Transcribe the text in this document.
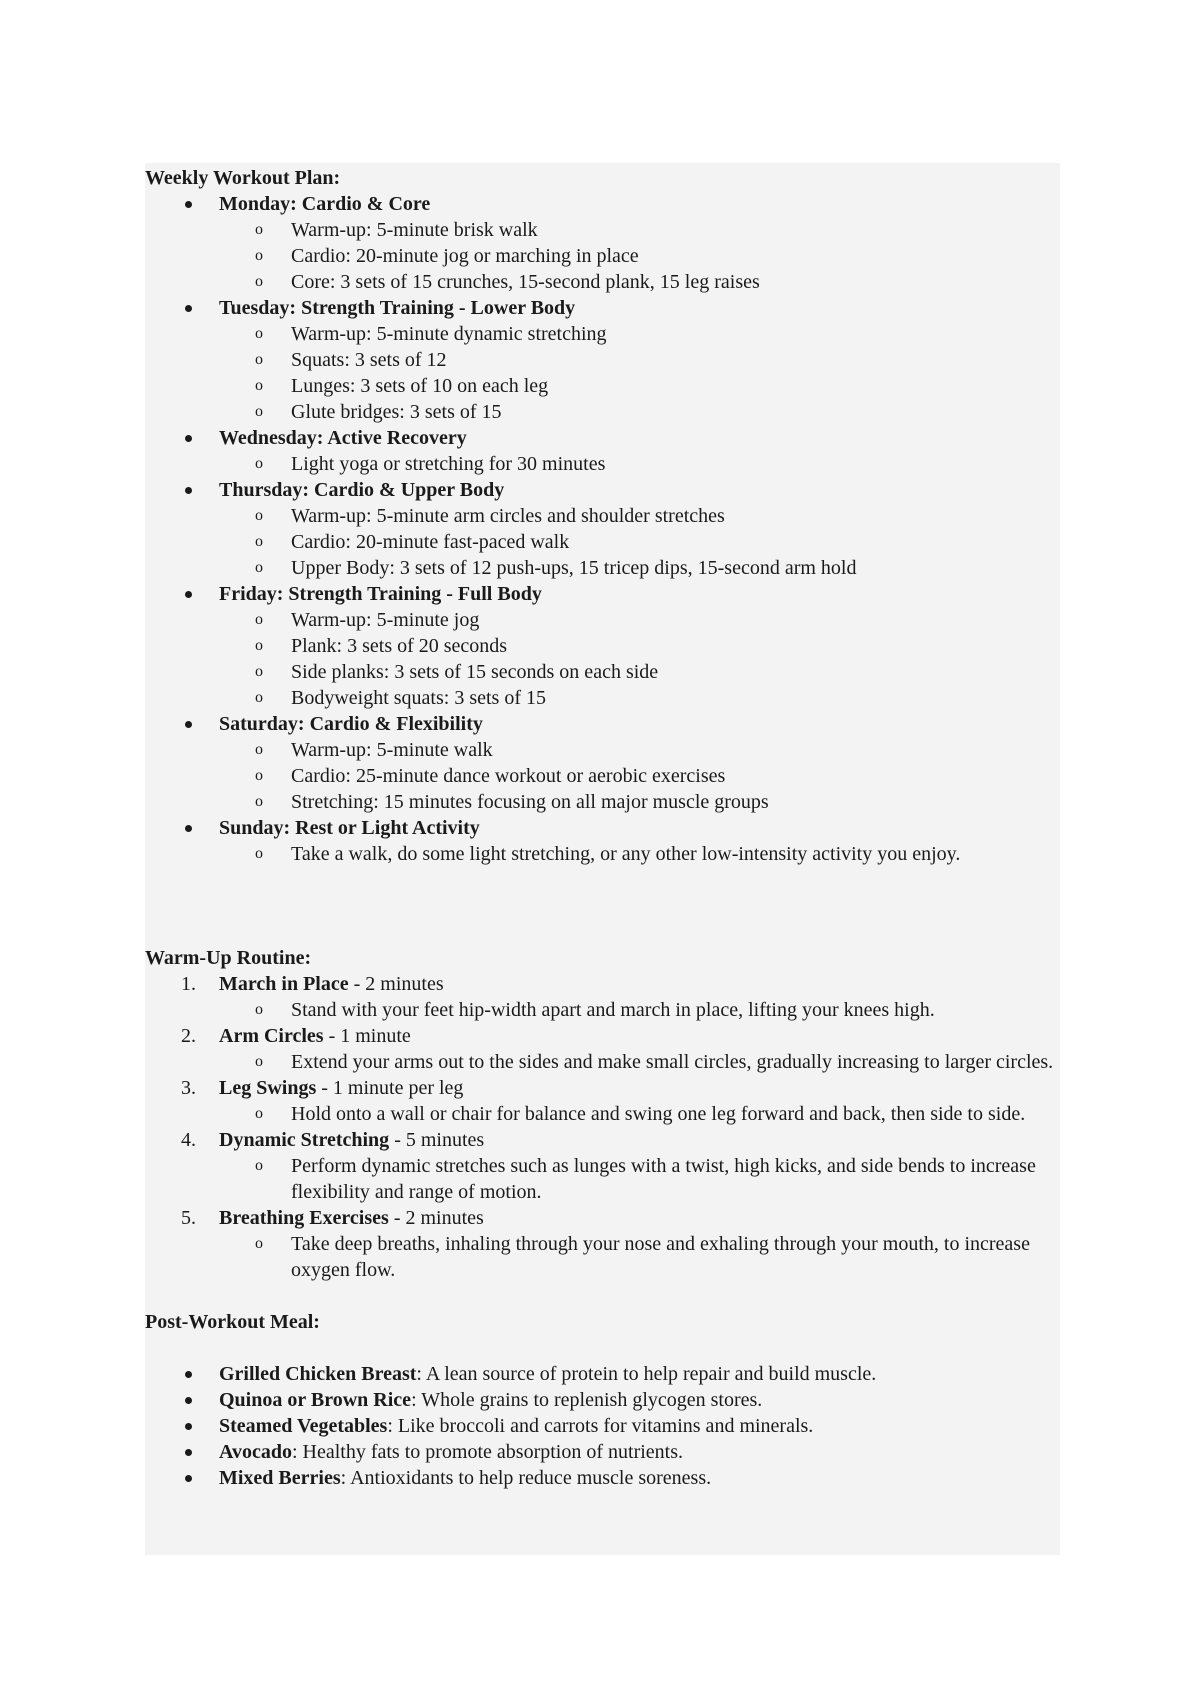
Weekly Workout Plan:
Monday: Cardio & Core
o Warm-up: 5-minute brisk walk
o Cardio: 20-minute jog or marching in place
o Core: 3 sets of 15 crunches, 15-second plank, 15 leg raises
Tuesday: Strength Training - Lower Body
o Warm-up: 5-minute dynamic stretching
o Squats: 3 sets of 12
o Lunges: 3 sets of 10 on each leg
o Glute bridges: 3 sets of 15
Wednesday: Active Recovery
o Light yoga or stretching for 30 minutes
Thursday: Cardio & Upper Body
o Warm-up: 5-minute arm circles and shoulder stretches
o Cardio: 20-minute fast-paced walk
o Upper Body: 3 sets of 12 push-ups, 15 tricep dips, 15-second arm hold
Friday: Strength Training - Full Body
o Warm-up: 5-minute jog
o Plank: 3 sets of 20 seconds
o Side planks: 3 sets of 15 seconds on each side
o Bodyweight squats: 3 sets of 15
Saturday: Cardio & Flexibility
o Warm-up: 5-minute walk
o Cardio: 25-minute dance workout or aerobic exercises
o Stretching: 15 minutes focusing on all major muscle groups
Sunday: Rest or Light Activity
o Take a walk, do some light stretching, or any other low-intensity activity you enjoy.
Warm-Up Routine:
1.	March in Place - 2 minutes
o Stand with your feet hip-width apart and march in place, lifting your knees high.
2.	Arm Circles - 1 minute
o Extend your arms out to the sides and make small circles, gradually increasing to larger circles.
3.	Leg Swings - 1 minute per leg
o Hold onto a wall or chair for balance and swing one leg forward and back, then side to side.
4.	Dynamic Stretching - 5 minutes
o Perform dynamic stretches such as lunges with a twist, high kicks, and side bends to increase flexibility and range of motion.
5.	Breathing Exercises - 2 minutes
o Take deep breaths, inhaling through your nose and exhaling through your mouth, to increase oxygen flow.
Post-Workout Meal:
Grilled Chicken Breast: A lean source of protein to help repair and build muscle.
Quinoa or Brown Rice: Whole grains to replenish glycogen stores.
Steamed Vegetables: Like broccoli and carrots for vitamins and minerals.
Avocado: Healthy fats to promote absorption of nutrients.
Mixed Berries: Antioxidants to help reduce muscle soreness.
